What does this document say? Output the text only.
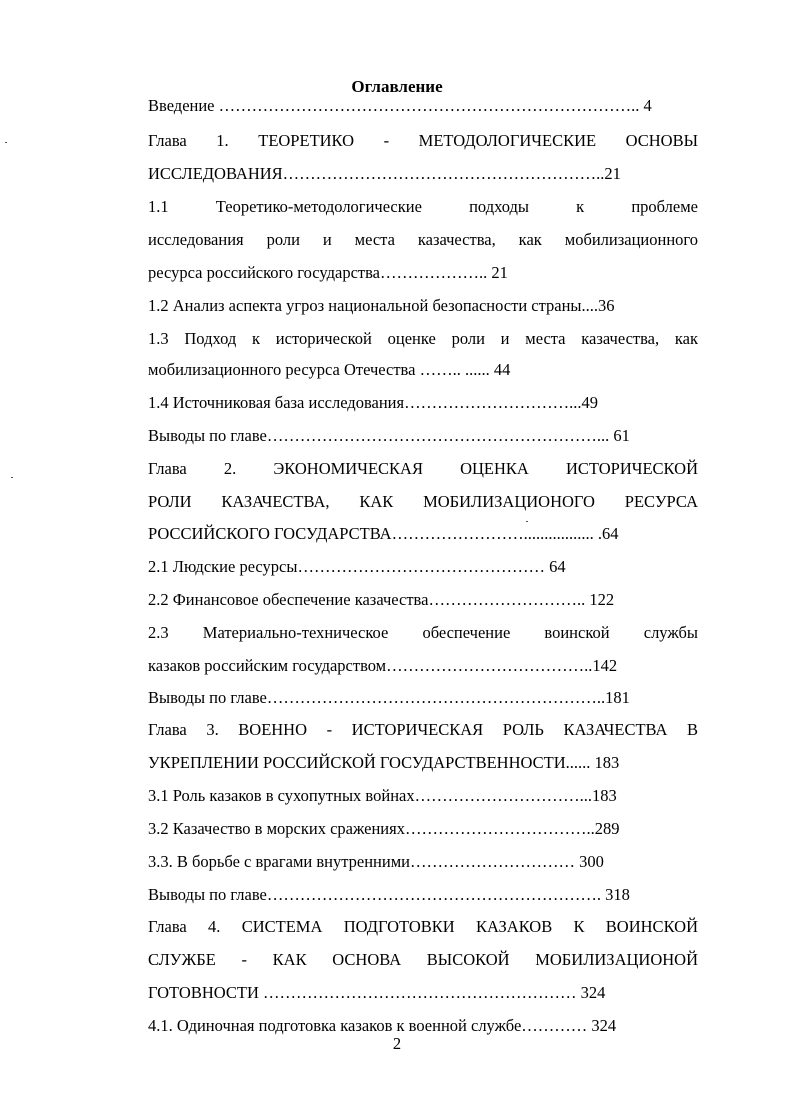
Оглавление
Введение ………………………………………………………………….. 4
Глава 1. ТЕОРЕТИКО - МЕТОДОЛОГИЧЕСКИЕ ОСНОВЫ
ИССЛЕДОВАНИЯ…………………………………………………..21
1.1 Теоретико-методологические подходы к проблеме
исследования роли и места казачества, как мобилизационного
ресурса российского государства……………….. 21
1.2 Анализ аспекта угроз национальной безопасности страны....36
1.3 Подход к исторической оценке роли и места казачества, как
мобилизационного ресурса Отечества …….. ...... 44
1.4 Источниковая база исследования…………………………...49
Выводы по главе……………………………………………………... 61
Глава 2. ЭКОНОМИЧЕСКАЯ ОЦЕНКА ИСТОРИЧЕСКОЙ
РОЛИ КАЗАЧЕСТВА, КАК МОБИЛИЗАЦИОНОГО РЕСУРСА
РОССИЙСКОГО ГОСУДАРСТВА……………………................. .64
2.1 Людские ресурсы……………………………………… 64
2.2 Финансовое обеспечение казачества……………………….. 122
2.3 Материально-техническое обеспечение воинской службы
казаков российским государством………………………………..142
Выводы по главе……………………………………………………..181
Глава 3. ВОЕННО - ИСТОРИЧЕСКАЯ РОЛЬ КАЗАЧЕСТВА В
УКРЕПЛЕНИИ РОССИЙСКОЙ ГОСУДАРСТВЕННОСТИ...... 183
3.1 Роль казаков в сухопутных войнах…………………………...183
3.2 Казачество в морских сражениях……………………………..289
3.3. В борьбе с врагами внутренними………………………… 300
Выводы по главе……………………………………………………. 318
Глава 4. СИСТЕМА ПОДГОТОВКИ КАЗАКОВ К ВОИНСКОЙ
СЛУЖБЕ - КАК ОСНОВА ВЫСОКОЙ МОБИЛИЗАЦИОНОЙ
ГОТОВНОСТИ ………………………………………………… 324
4.1. Одиночная подготовка казаков к военной службе………… 324
2
